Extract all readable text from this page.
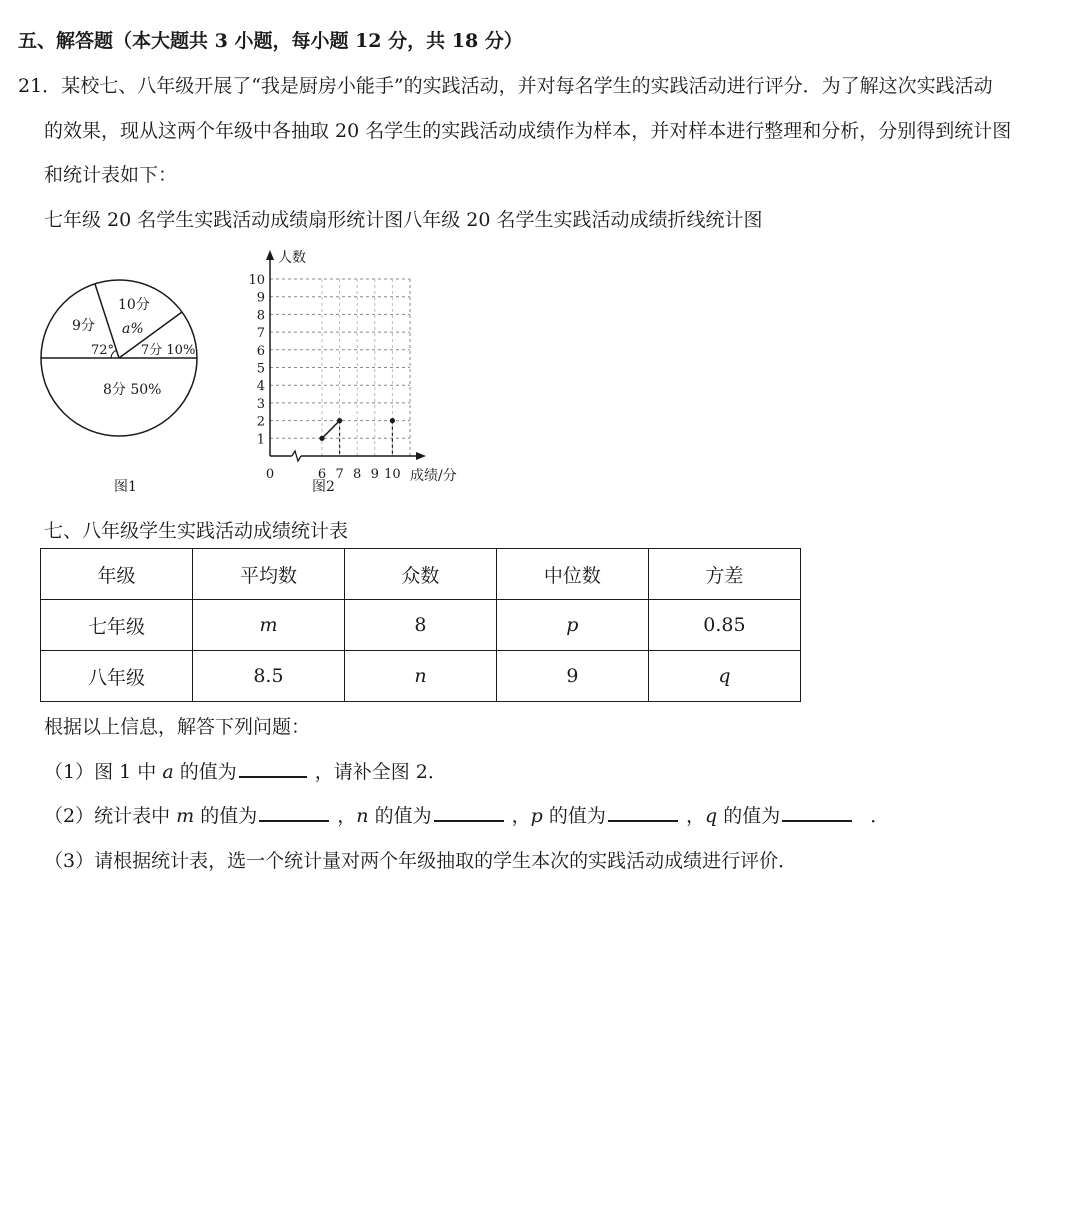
五、解答题（本大题共 3 小题，每小题 12 分，共 18 分）
21．某校七、八年级开展了“我是厨房小能手”的实践活动，并对每名学生的实践活动进行评分．为了解这次实践活动
的效果，现从这两个年级中各抽取 20 名学生的实践活动成绩作为样本，并对样本进行整理和分析，分别得到统计图
和统计表如下：
七年级 20 名学生实践活动成绩扇形统计图八年级 20 名学生实践活动成绩折线统计图
9分
72°
10分
a%
7分 10%
8分 50%
图1
1
2
3
4
5
6
7
8
9
10
6 7 8 9 10
0
人数
成绩/分
图2
七、八年级学生实践活动成绩统计表
年级	平均数	众数	中位数	方差
七年级	m	8	p	0.85
八年级	8.5	n	9	q
根据以上信息，解答下列问题：
（1）图 1 中 a 的值为	，请补全图 2．
（2）统计表中 m 的值为	，n 的值为	，p 的值为	，q 的值为	．
（3）请根据统计表，选一个统计量对两个年级抽取的学生本次的实践活动成绩进行评价．
